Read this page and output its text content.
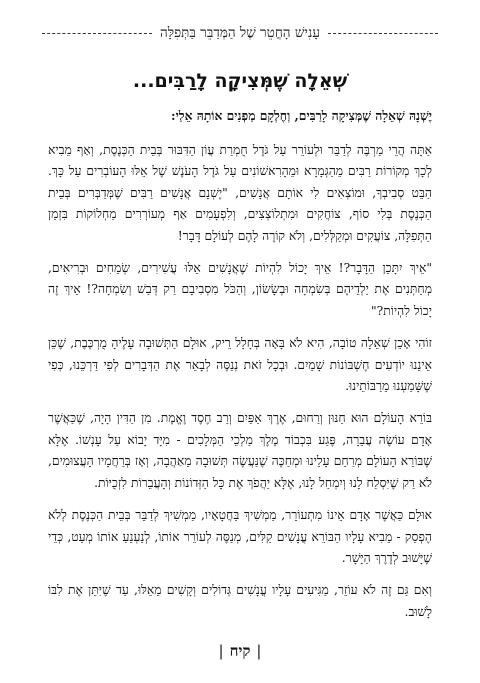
עָנִישׁ הָחֳטֵר שֶׁל הַמְּדַבֵּר בַּתְּפִלָּה
שְׁאֵלָה שֶׁמְּצִיקָה לָרַבִּים...
יֶשְׁנָהּ שְׁאֵלָה שֶׁמְּצִיקָה לָרַבִּים, וְחֶלְקָם מַפְנִים אוֹתָהּ אֵלַי:

אַתָּה הֲרֵי מַרְבֶּה לְדַבֵּר וּלְעוֹרֵר עַל גֹּדֶל חֻמְרַת עֲוֹן הַדִּבּוּר בְּבֵית הַכְּנֶסֶת, וְאַף מֵבִיא לְכָךְ מְקוֹרוֹת רַבִּים מֵהַגְּמָרָא וּמֵהָרִאשׁוֹנִים עַל גֹּדֶל הָעֹנֶשׁ שֶׁל אֵלּוּ הָעוֹבְרִים עַל כָּךְ. הַבֵּט סְבִיבְךָ, וּמוֹצְאִים לִי אוֹתָם אֲנָשִׁים, "יֶשְׁנָם אֲנָשִׁים רַבִּים שֶׁמְּדַבְּרִים בְּבֵית הַכְּנֶסֶת בְּלִי סוֹף, צוֹחֲקִים וּמִתְלוֹצְצִים, וְלִפְעָמִים אַף מְעוֹרְרִים מַחְלוֹקוֹת בִּזְמַן הַתְּפִלָּה, צוֹעֲקִים וּמְקַלְּלִים, וְלֹא קוֹרֶה לָהֶם לְעוֹלָם דָּבָר!

"אֵיךְ יִתָּכֵן הַדָּבָר?! אֵיךְ יָכוֹל לִהְיוֹת שֶׁאֲנָשִׁים אֵלּוּ עֲשִׁירִים, שְׂמֵחִים וּבְרִיאִים, מְחַתְּנִים אֶת יַלְדֵיהֶם בְּשִׂמְחָה וּבְשָׂשׂוֹן, וְהַכֹּל מִסְבִיבָם רַק דְּבַשׁ וְשִׂמְחָה?! אֵיךְ זֶה יָכוֹל לִהְיוֹת?"

זוֹהִי אָכֵן שְׁאֵלָה טוֹבָה, הִיא לֹא בָּאָה בְּחָלָל רֵיק, אוּלָם הַתְּשׁוּבָה עָלֶיהָ מֻרְכֶּבֶת, שֶׁכֵּן אֵינֵנוּ יוֹדְעִים חֶשְׁבּוֹנוֹת שָׁמַיִם. וּבְכָל זֹאת נְנַסֶּה לְבָאֵר אֶת הַדְּבָרִים לְפִי דַּרְכֵּנוּ, כְּפִי שֶׁשָּׁמַעְנוּ מֵרַבּוֹתֵינוּ.

בּוֹרֵא הָעוֹלָם הוּא חַנּוּן וְרַחוּם, אֶרֶךְ אַפַּיִם וְרַב חֶסֶד וֶאֱמֶת. מִן הַדִּין הָיָה, שֶׁכַּאֲשֶׁר אָדָם עוֹשֶׂה עֲבֵרָה, פֶּגַע בִּכְבוֹד מֶלֶךְ מַלְכֵי הַמְּלָכִים - מִיָּד יָבוֹא עַל עָנְשׁוֹ. אֶלָּא שֶׁבּוֹרֵא הָעוֹלָם מְרַחֵם עָלֵינוּ וּמְחַכֶּה שֶׁנַּעֲשֶׂה תְּשׁוּבָה מֵאַהֲבָה, וְאָז בְּרַחֲמָיו הָעֲצוּמִים, לֹא רַק שֶׁיִּסְלַח לָנוּ וְיִמְחַל לָנוּ, אֶלָּא יַהֲפֹךְ אֶת כָּל הַזְּדוֹנוֹת וְהָעֲבֵרוֹת לִזְכֻיּוֹת.

אוּלָם כַּאֲשֶׁר אָדָם אֵינוֹ מִתְעוֹרֵר, מַמְשִׁיךְ בַּחֲטָאָיו, מַמְשִׁיךְ לְדַבֵּר בְּבֵית הַכְּנֶסֶת לְלֹא הֶפְסֵק - מֵבִיא עָלָיו הַבּוֹרֵא עֳנָשִׁים קַלִּים, מְנַסֶּה לְעוֹרֵר אוֹתוֹ, לְנַעְנֵעַ אוֹתוֹ מְעַט, כְּדֵי שֶׁיָּשׁוּב לְדֶרֶךְ הַיָּשָׁר.

וְאִם גַּם זֶה לֹא עוֹזֵר, מַגִּיעִים עָלָיו עֳנָשִׁים גְּדוֹלִים וְקָשִׁים מֵאֵלּוּ, עַד שֶׁיִּתֵּן אֶת לִבּוֹ לָשׁוּב.

|קיח|
